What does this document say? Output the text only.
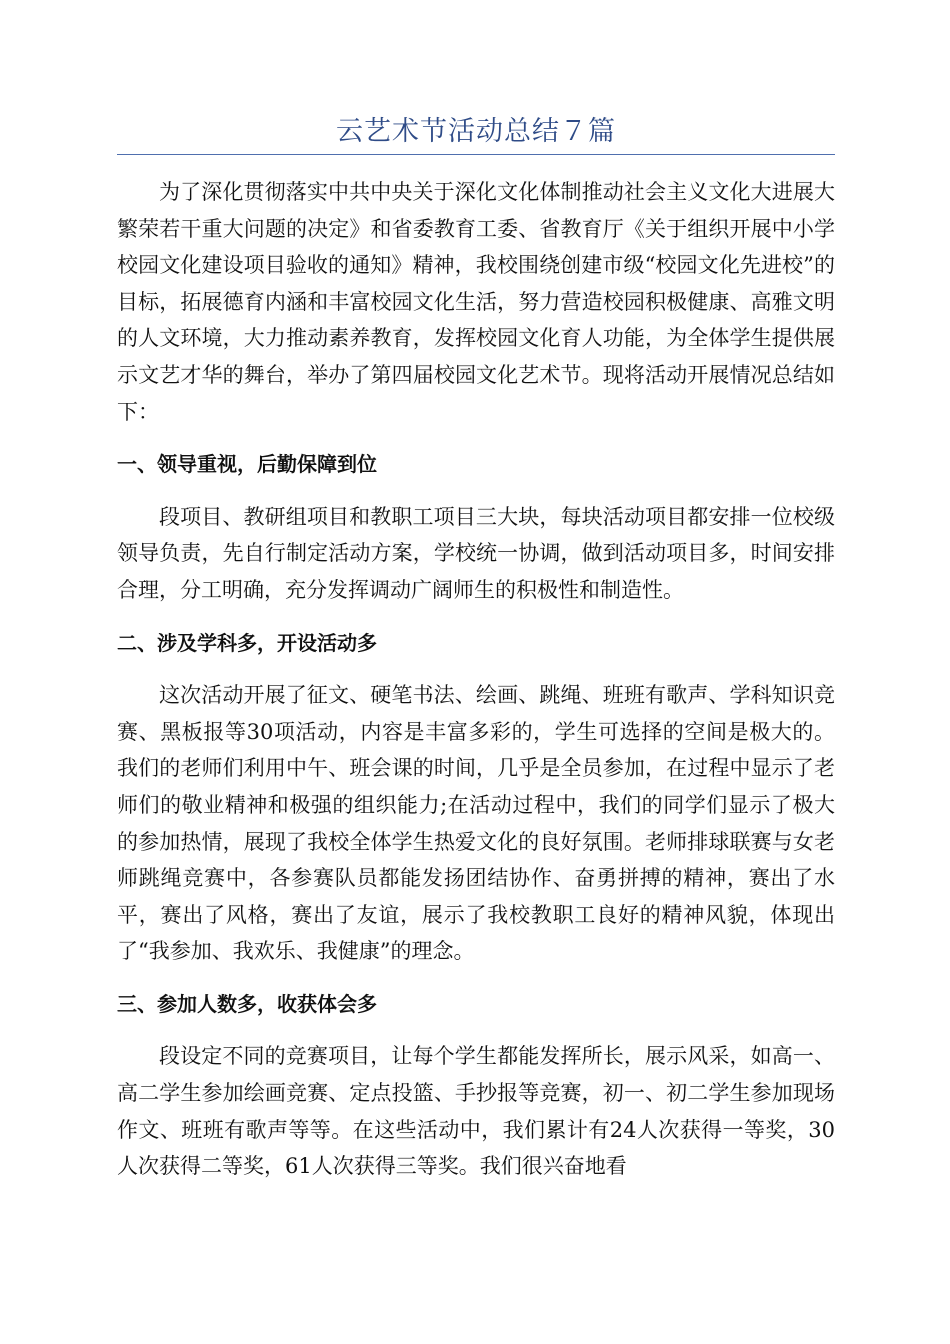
云艺术节活动总结７篇

为了深化贯彻落实中共中央关于深化文化体制推动社会主义文化大进展大繁荣若干重大问题的决定》和省委教育工委、省教育厅《关于组织开展中小学校园文化建设项目验收的通知》精神，我校围绕创建市级“校园文化先进校”的目标，拓展德育内涵和丰富校园文化生活，努力营造校园积极健康、高雅文明的人文环境，大力推动素养教育，发挥校园文化育人功能，为全体学生提供展示文艺才华的舞台，举办了第四届校园文化艺术节。现将活动开展情况总结如下：

一、领导重视，后勤保障到位

段项目、教研组项目和教职工项目三大块，每块活动项目都安排一位校级领导负责，先自行制定活动方案，学校统一协调，做到活动项目多，时间安排合理，分工明确，充分发挥调动广阔师生的积极性和制造性。

二、涉及学科多，开设活动多

这次活动开展了征文、硬笔书法、绘画、跳绳、班班有歌声、学科知识竞赛、黑板报等30项活动，内容是丰富多彩的，学生可选择的空间是极大的。我们的老师们利用中午、班会课的时间，几乎是全员参加，在过程中显示了老师们的敬业精神和极强的组织能力;在活动过程中，我们的同学们显示了极大的参加热情，展现了我校全体学生热爱文化的良好氛围。老师排球联赛与女老师跳绳竞赛中，各参赛队员都能发扬团结协作、奋勇拼搏的精神，赛出了水平，赛出了风格，赛出了友谊，展示了我校教职工良好的精神风貌，体现出了“我参加、我欢乐、我健康”的理念。

三、参加人数多，收获体会多

段设定不同的竞赛项目，让每个学生都能发挥所长，展示风采，如高一、高二学生参加绘画竞赛、定点投篮、手抄报等竞赛，初一、初二学生参加现场作文、班班有歌声等等。在这些活动中，我们累计有24人次获得一等奖，30人次获得二等奖，61人次获得三等奖。我们很兴奋地看
